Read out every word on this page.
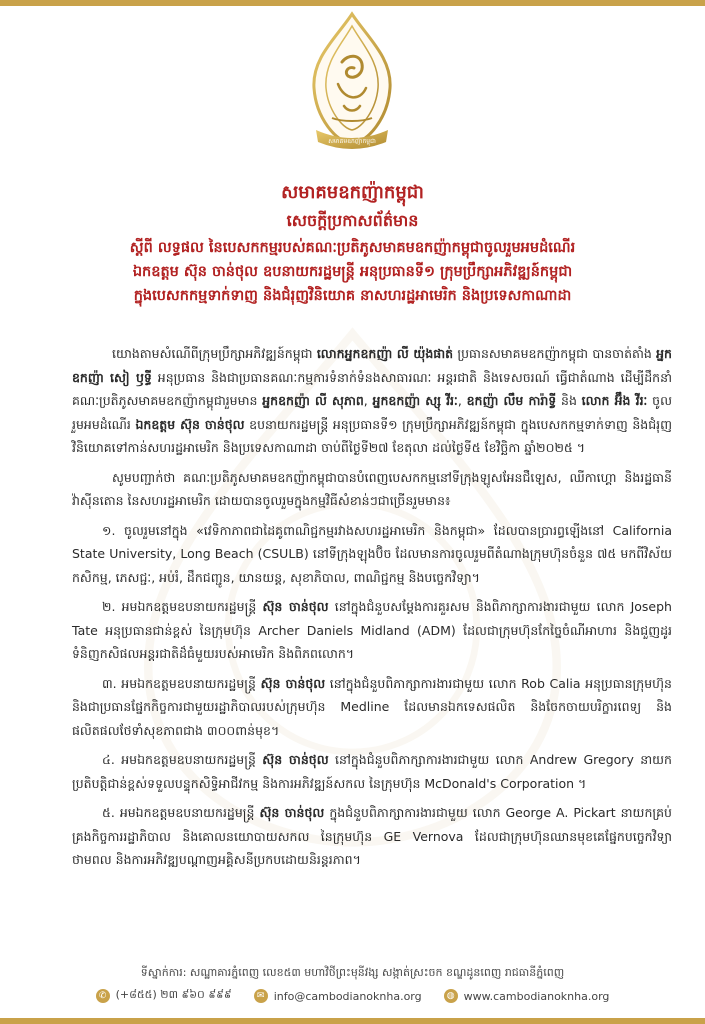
សមាគមឧកញ៉ាកម្ពុជា
សមាគមឧកញ៉ាកម្ពុជា
សេចក្តីប្រកាសព័ត៌មាន
ស្តីពី លទ្ធផល នៃបេសកកម្មរបស់គណៈប្រតិភូសមាគមឧកញ៉ាកម្ពុជាចូលរួមអមដំណើរ
ឯកឧត្តម ស៊ុន ចាន់ថុល ឧបនាយករដ្ឋមន្ត្រី អនុប្រធានទី១ ក្រុមប្រឹក្សាអភិវឌ្ឍន៍កម្ពុជា
ក្នុងបេសកកម្មទាក់ទាញ និងជំរុញវិនិយោគ នាសហរដ្ឋអាមេរិក និងប្រទេសកាណាដា

យោងតាមសំណើពីក្រុមប្រឹក្សាអភិវឌ្ឍន៍កម្ពុជា លោកអ្នកឧកញ៉ា លី យ៉ុងផាត់ ប្រធានសមាគមឧកញ៉ាកម្ពុជា បានចាត់តាំង អ្នកឧកញ៉ា សៀ ឫទ្ធី អនុប្រធាន និងជាប្រធានគណៈកម្មការទំនាក់ទំនងសាធារណៈ អន្តរជាតិ និងទេសចរណ៍ ធ្វើជាតំណាង ដើម្បីដឹកនាំគណៈប្រតិភូសមាគមឧកញ៉ាកម្ពុជារួមមាន អ្នកឧកញ៉ា លី សុភាព, អ្នកឧកញ៉ា ស្សុ វីរៈ, ឧកញ៉ា លឹម ការ៉ាទ្វី និង លោក អ៊ឹង វីរៈ ចូលរួមអមដំណើរ ឯកឧត្តម ស៊ុន ចាន់ថុល ឧបនាយករដ្ឋមន្ត្រី អនុប្រធានទី១ ក្រុមប្រឹក្សាអភិវឌ្ឍន៍កម្ពុជា ក្នុងបេសកកម្មទាក់ទាញ និងជំរុញវិនិយោគទៅកាន់សហរដ្ឋអាមេរិក និងប្រទេសកាណាដា ចាប់ពីថ្ងៃទី២៧ ខែតុលា ដល់ថ្ងៃទី៥ ខែវិច្ឆិកា ឆ្នាំ២០២៥ ។

សូមបញ្ជាក់ថា គណៈប្រតិភូសមាគមឧកញ៉ាកម្ពុជាបានបំពេញបេសកកម្មនៅទីក្រុងឡូសអែនជឺឡេស, ឈីកាហ្គោ និងរដ្ឋធានីវ៉ាស៊ីនតោន នៃសហរដ្ឋអាមេរិក ដោយបានចូលរួមក្នុងកម្មវិធីសំខាន់ៗជាច្រើនរួមមាន៖

១. ចូលរួមនៅក្នុង «វេទិកាភាពជាដៃគូពាណិជ្ជកម្មរវាងសហរដ្ឋអាមេរិក និងកម្ពុជា» ដែលបានប្រារព្ធឡើងនៅ California State University, Long Beach (CSULB) នៅទីក្រុងឡុងប៊ិច ដែលមានការចូលរួមពីតំណាងក្រុមហ៊ុនចំនួន ៧៥ មកពីវិស័យកសិកម្ម, ភេសជ្ជៈ, អប់រំ, ដឹកជញ្ជូន, យានយន្ត, សុខាភិបាល, ពាណិជ្ជកម្ម និងបច្ចេកវិទ្យា។

២. អមឯកឧត្តមឧបនាយករដ្ឋមន្ត្រី ស៊ុន ចាន់ថុល នៅក្នុងជំនួបសម្តែងការគួរសម និងពិភាក្សាការងារជាមួយ លោក Joseph Tate អនុប្រធានជាន់ខ្ពស់ នៃក្រុមហ៊ុន Archer Daniels Midland (ADM) ដែលជាក្រុមហ៊ុនកែច្នៃចំណីអាហារ និងជួញដូរទំនិញកសិផលអន្តរជាតិដ៏ធំមួយរបស់អាមេរិក និងពិភពលោក។

៣. អមឯកឧត្តមឧបនាយករដ្ឋមន្ត្រី ស៊ុន ចាន់ថុល នៅក្នុងជំនួបពិភាក្សាការងារជាមួយ លោក Rob Calia អនុប្រធានក្រុមហ៊ុន និងជាប្រធានផ្នែកកិច្ចការជាមួយរដ្ឋាភិបាលរបស់ក្រុមហ៊ុន Medline ដែលមានឯកទេសផលិត និងចែកចាយបរិក្ខារពេទ្យ និងផលិតផលថែទាំសុខភាពជាង ៣០០ពាន់មុខ។

៤. អមឯកឧត្តមឧបនាយករដ្ឋមន្ត្រី ស៊ុន ចាន់ថុល នៅក្នុងជំនួបពិភាក្សាការងារជាមួយ លោក Andrew Gregory នាយកប្រតិបត្តិជាន់ខ្ពស់ទទួលបន្ទុកសិទ្ធិអាជីវកម្ម និងការអភិវឌ្ឍន៍សកល នៃក្រុមហ៊ុន McDonald's Corporation ។

៥. អមឯកឧត្តមឧបនាយករដ្ឋមន្ត្រី ស៊ុន ចាន់ថុល ក្នុងជំនួបពិភាក្សាការងារជាមួយ លោក George A. Pickart នាយកគ្រប់គ្រងកិច្ចការរដ្ឋាភិបាល និងគោលនយោបាយសកល នៃក្រុមហ៊ុន GE Vernova ដែលជាក្រុមហ៊ុនឈានមុខគេផ្នែកបច្ចេកវិទ្យាថាមពល និងការអភិវឌ្ឍបណ្តាញអគ្គិសនីប្រកបដោយនិរន្តរភាព។

ទីស្នាក់ការ: សណ្ឋាគារភ្នំពេញ លេខ៥៣ មហាវិថីព្រះមុនីវង្ស សង្កាត់ស្រះចក ខណ្ឌដូនពេញ រាជធានីភ្នំពេញ
✆ (+៨៥៥) ២៣ ៩៦០ ៩៩៩	✉ info@cambodianoknha.org	◍ www.cambodianoknha.org
